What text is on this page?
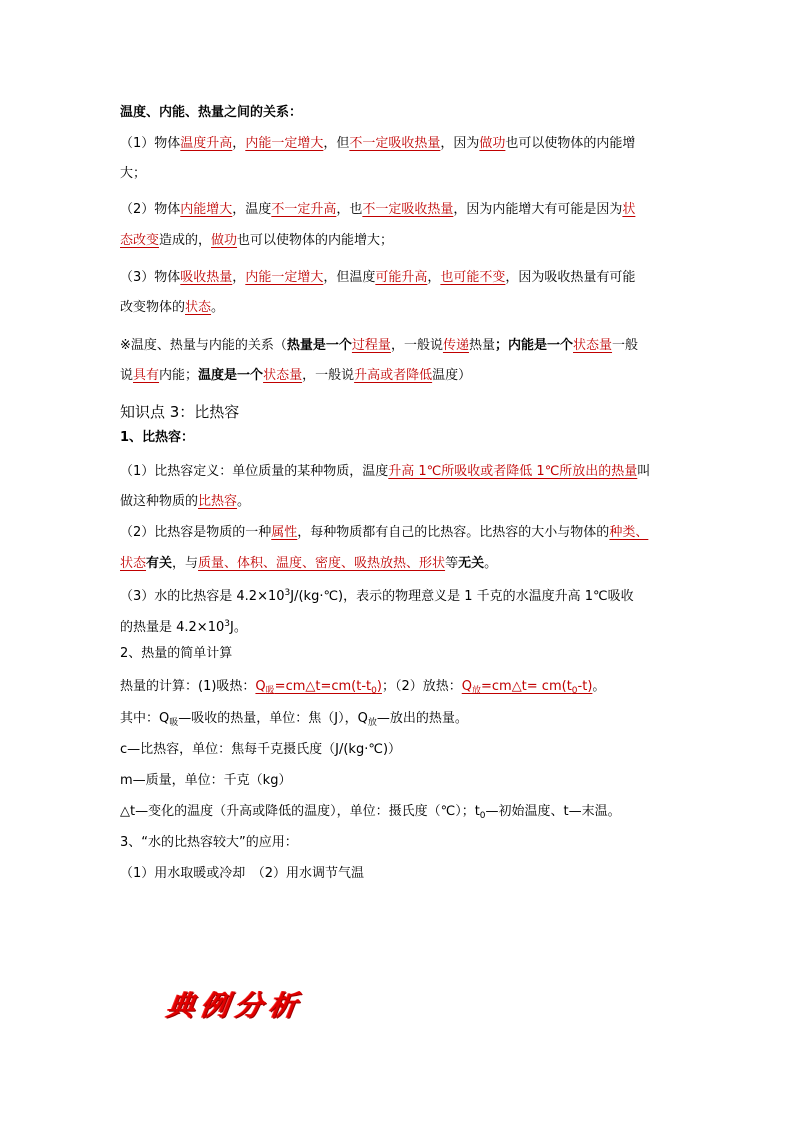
温度、内能、热量之间的关系：
（1）物体温度升高，内能一定增大，但不一定吸收热量，因为做功也可以使物体的内能增
大；
（2）物体内能增大，温度不一定升高，也不一定吸收热量，因为内能增大有可能是因为状
态改变造成的，做功也可以使物体的内能增大；
（3）物体吸收热量，内能一定增大，但温度可能升高，也可能不变，因为吸收热量有可能
改变物体的状态。
※温度、热量与内能的关系（热量是一个过程量，一般说传递热量；内能是一个状态量一般
说具有内能；温度是一个状态量，一般说升高或者降低温度）
知识点 3：比热容
1、比热容：
（1）比热容定义：单位质量的某种物质，温度升高 1℃所吸收或者降低 1℃所放出的热量叫
做这种物质的比热容。
（2）比热容是物质的一种属性，每种物质都有自己的比热容。比热容的大小与物体的种类、
状态有关，与质量、体积、温度、密度、吸热放热、形状等无关。
（3）水的比热容是 $4.2\times 10^3J/(kg\cdot℃)$，表示的物理意义是 1 千克的水温度升高 1℃吸收
的热量是 $4.2\times 10^3J$。
2、热量的简单计算
热量的计算：(1)吸热：$Q_吸=cm\triangle t=cm(t-t_0)$；（2）放热：$Q_放=cm\triangle t= cm(t_0-t)$。
其中：$Q_吸—$吸收的热量，单位：焦（J），$Q_放—$放出的热量。
c—比热容，单位：焦每千克摄氏度（J/(kg·℃)）
m—质量，单位：千克（kg）
△t—变化的温度（升高或降低的温度），单位：摄氏度（℃）；$t_0—$初始温度、t—末温。
3、“水的比热容较大”的应用：
（1）用水取暖或冷却　（2）用水调节气温
典例分析
